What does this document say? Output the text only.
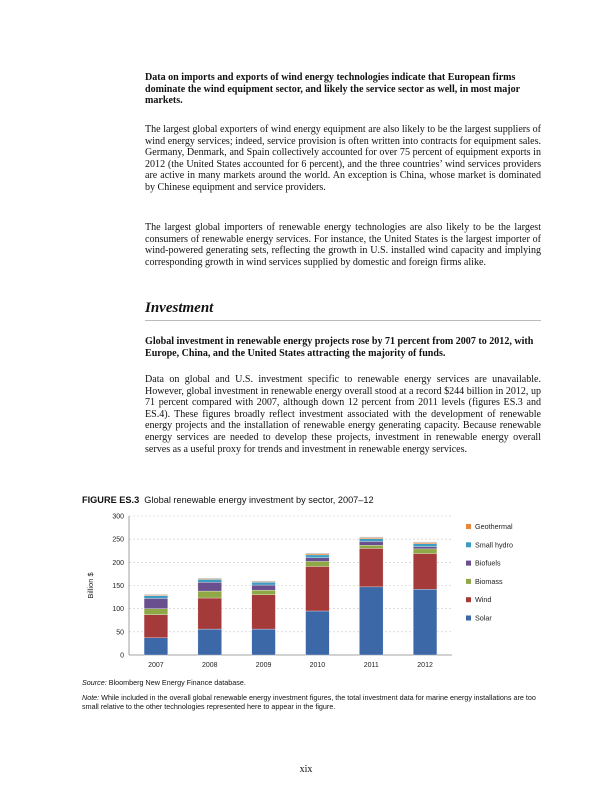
Data on imports and exports of wind energy technologies indicate that European firms dominate the wind equipment sector, and likely the service sector as well, in most major markets.
The largest global exporters of wind energy equipment are also likely to be the largest suppliers of wind energy services; indeed, service provision is often written into contracts for equipment sales. Germany, Denmark, and Spain collectively accounted for over 75 percent of equipment exports in 2012 (the United States accounted for 6 percent), and the three countries’ wind services providers are active in many markets around the world. An exception is China, whose market is dominated by Chinese equipment and service providers.
The largest global importers of renewable energy technologies are also likely to be the largest consumers of renewable energy services. For instance, the United States is the largest importer of wind-powered generating sets, reflecting the growth in U.S. installed wind capacity and implying corresponding growth in wind services supplied by domestic and foreign firms alike.
Investment
Global investment in renewable energy projects rose by 71 percent from 2007 to 2012, with Europe, China, and the United States attracting the majority of funds.
Data on global and U.S. investment specific to renewable energy services are unavailable. However, global investment in renewable energy overall stood at a record $244 billion in 2012, up 71 percent compared with 2007, although down 12 percent from 2011 levels (figures ES.3 and ES.4). These figures broadly reflect investment associated with the development of renewable energy projects and the installation of renewable energy generating capacity. Because renewable energy services are needed to develop these projects, investment in renewable energy overall serves as a useful proxy for trends and investment in renewable energy services.
FIGURE ES.3 Global renewable energy investment by sector, 2007–12
0
50
100
150
200
250
300
Billion $
2007	2008	2009	2010	2011	2012
Geothermal
Small hydro
Biofuels
Biomass
Wind
Solar
Source: Bloomberg New Energy Finance database.
Note: While included in the overall global renewable energy investment figures, the total investment data for marine energy installations are too small relative to the other technologies represented here to appear in the figure.
xix
